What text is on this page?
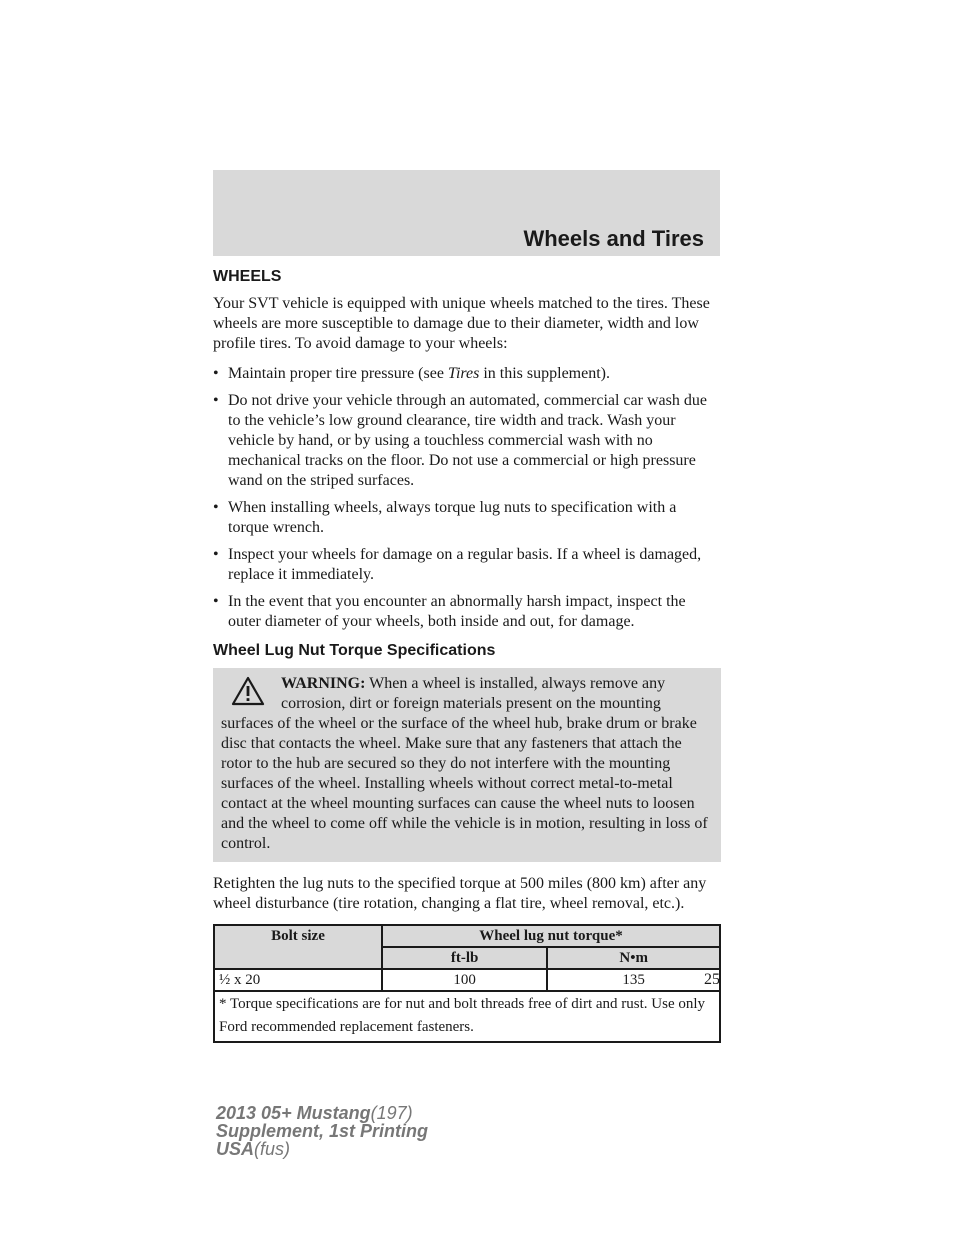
Wheels and Tires
WHEELS

Your SVT vehicle is equipped with unique wheels matched to the tires. These wheels are more susceptible to damage due to their diameter, width and low profile tires. To avoid damage to your wheels:

• Maintain proper tire pressure (see Tires in this supplement).
• Do not drive your vehicle through an automated, commercial car wash due to the vehicle’s low ground clearance, tire width and track. Wash your vehicle by hand, or by using a touchless commercial wash with no mechanical tracks on the floor. Do not use a commercial or high pressure wand on the striped surfaces.
• When installing wheels, always torque lug nuts to specification with a torque wrench.
• Inspect your wheels for damage on a regular basis. If a wheel is damaged, replace it immediately.
• In the event that you encounter an abnormally harsh impact, inspect the outer diameter of your wheels, both inside and out, for damage.
Wheel Lug Nut Torque Specifications
WARNING: When a wheel is installed, always remove any corrosion, dirt or foreign materials present on the mounting surfaces of the wheel or the surface of the wheel hub, brake drum or brake disc that contacts the wheel. Make sure that any fasteners that attach the rotor to the hub are secured so they do not interfere with the mounting surfaces of the wheel. Installing wheels without correct metal-to-metal contact at the wheel mounting surfaces can cause the wheel nuts to loosen and the wheel to come off while the vehicle is in motion, resulting in loss of control.

Retighten the lug nuts to the specified torque at 500 miles (800 km) after any wheel disturbance (tire rotation, changing a flat tire, wheel removal, etc.).

Bolt size	Wheel lug nut torque*	
	ft-lb	N•m
½ x 20	100	135
* Torque specifications are for nut and bolt threads free of dirt and rust. Use only Ford recommended replacement fasteners.		
25
2013 05+ Mustang(197)
Supplement, 1st Printing
USA(fus)
